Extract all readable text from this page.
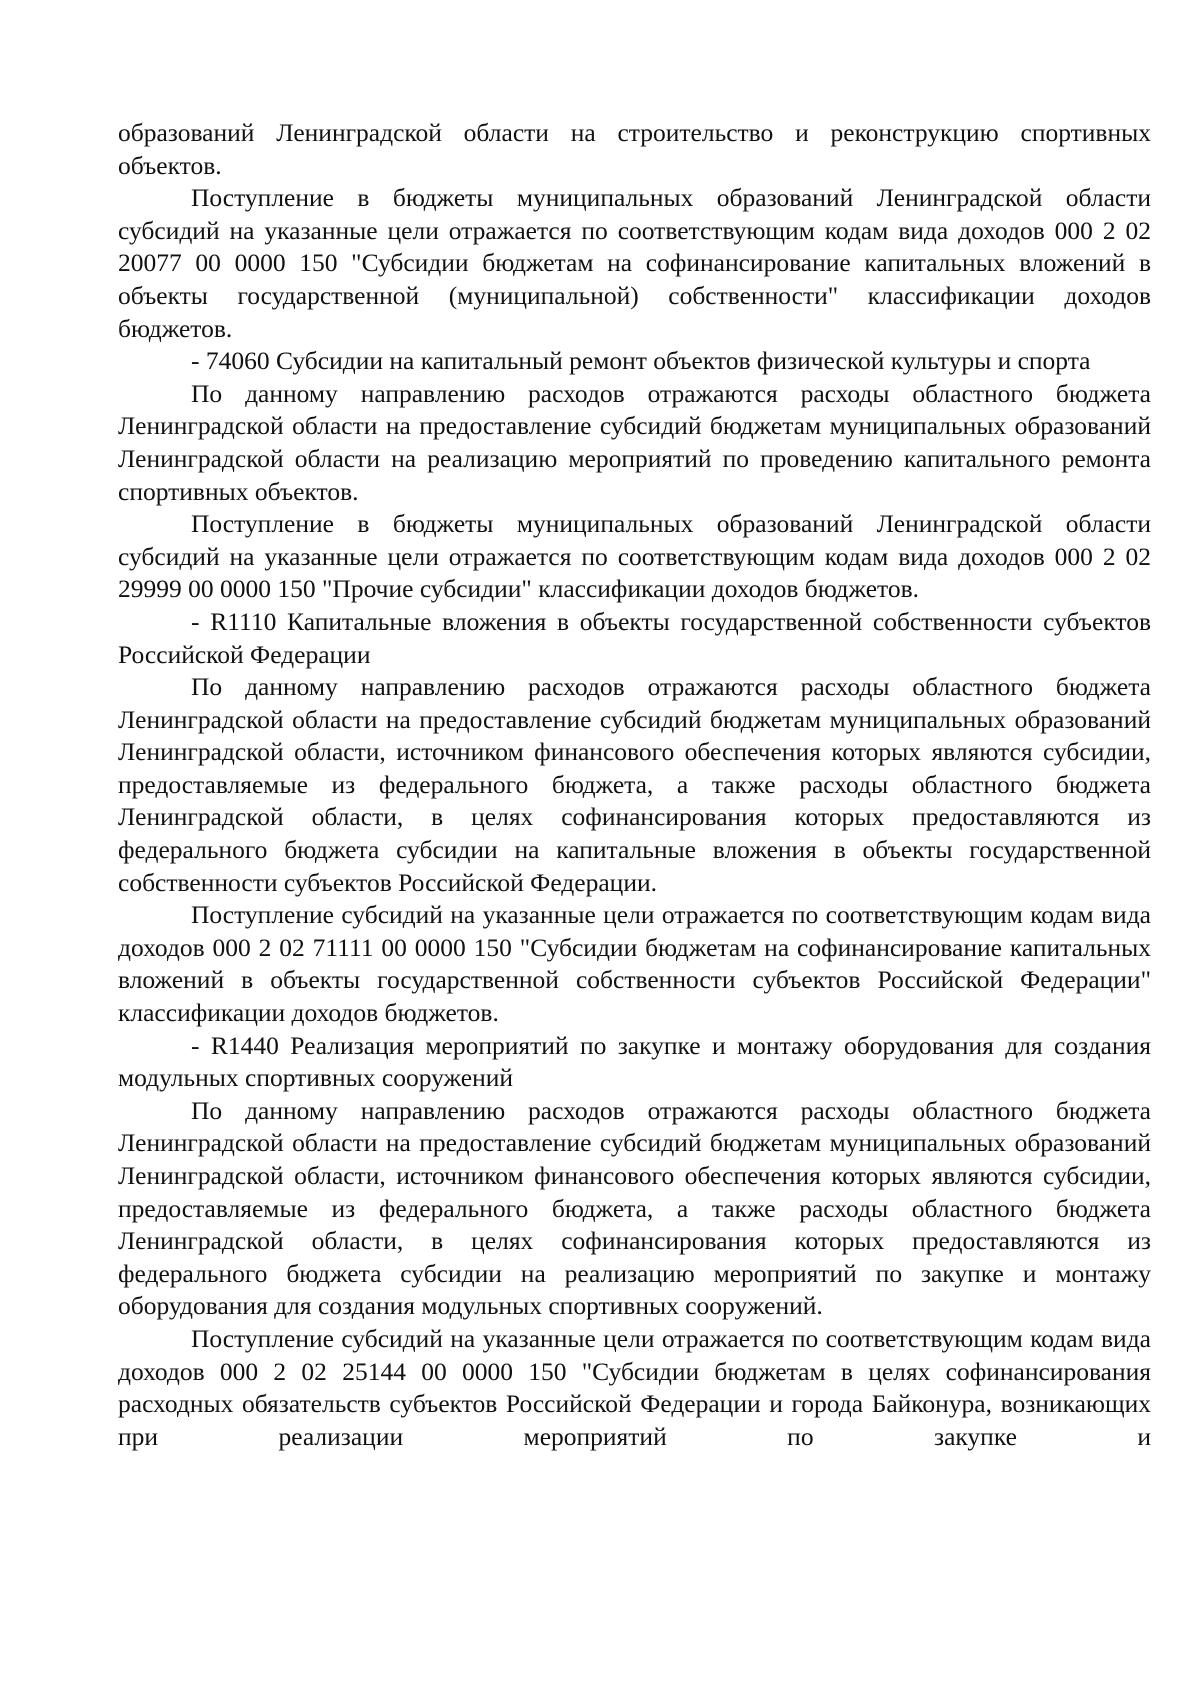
образований Ленинградской области на строительство и реконструкцию спортивных объектов.

Поступление в бюджеты муниципальных образований Ленинградской области субсидий на указанные цели отражается по соответствующим кодам вида доходов 000 2 02 20077 00 0000 150 "Субсидии бюджетам на софинансирование капитальных вложений в объекты государственной (муниципальной) собственности" классификации доходов бюджетов.

- 74060 Субсидии на капитальный ремонт объектов физической культуры и спорта

По данному направлению расходов отражаются расходы областного бюджета Ленинградской области на предоставление субсидий бюджетам муниципальных образований Ленинградской области на реализацию мероприятий по проведению капитального ремонта спортивных объектов.

Поступление в бюджеты муниципальных образований Ленинградской области субсидий на указанные цели отражается по соответствующим кодам вида доходов 000 2 02 29999 00 0000 150 "Прочие субсидии" классификации доходов бюджетов.

- R1110 Капитальные вложения в объекты государственной собственности субъектов Российской Федерации

По данному направлению расходов отражаются расходы областного бюджета Ленинградской области на предоставление субсидий бюджетам муниципальных образований Ленинградской области, источником финансового обеспечения которых являются субсидии, предоставляемые из федерального бюджета, а также расходы областного бюджета Ленинградской области, в целях софинансирования которых предоставляются из федерального бюджета субсидии на капитальные вложения в объекты государственной собственности субъектов Российской Федерации.

Поступление субсидий на указанные цели отражается по соответствующим кодам вида доходов 000 2 02 71111 00 0000 150 "Субсидии бюджетам на софинансирование капитальных вложений в объекты государственной собственности субъектов Российской Федерации" классификации доходов бюджетов.

- R1440 Реализация мероприятий по закупке и монтажу оборудования для создания модульных спортивных сооружений

По данному направлению расходов отражаются расходы областного бюджета Ленинградской области на предоставление субсидий бюджетам муниципальных образований Ленинградской области, источником финансового обеспечения которых являются субсидии, предоставляемые из федерального бюджета, а также расходы областного бюджета Ленинградской области, в целях софинансирования которых предоставляются из федерального бюджета субсидии на реализацию мероприятий по закупке и монтажу оборудования для создания модульных спортивных сооружений.

Поступление субсидий на указанные цели отражается по соответствующим кодам вида доходов 000 2 02 25144 00 0000 150 "Субсидии бюджетам в целях софинансирования расходных обязательств субъектов Российской Федерации и города Байконура, возникающих при реализации мероприятий по закупке и
